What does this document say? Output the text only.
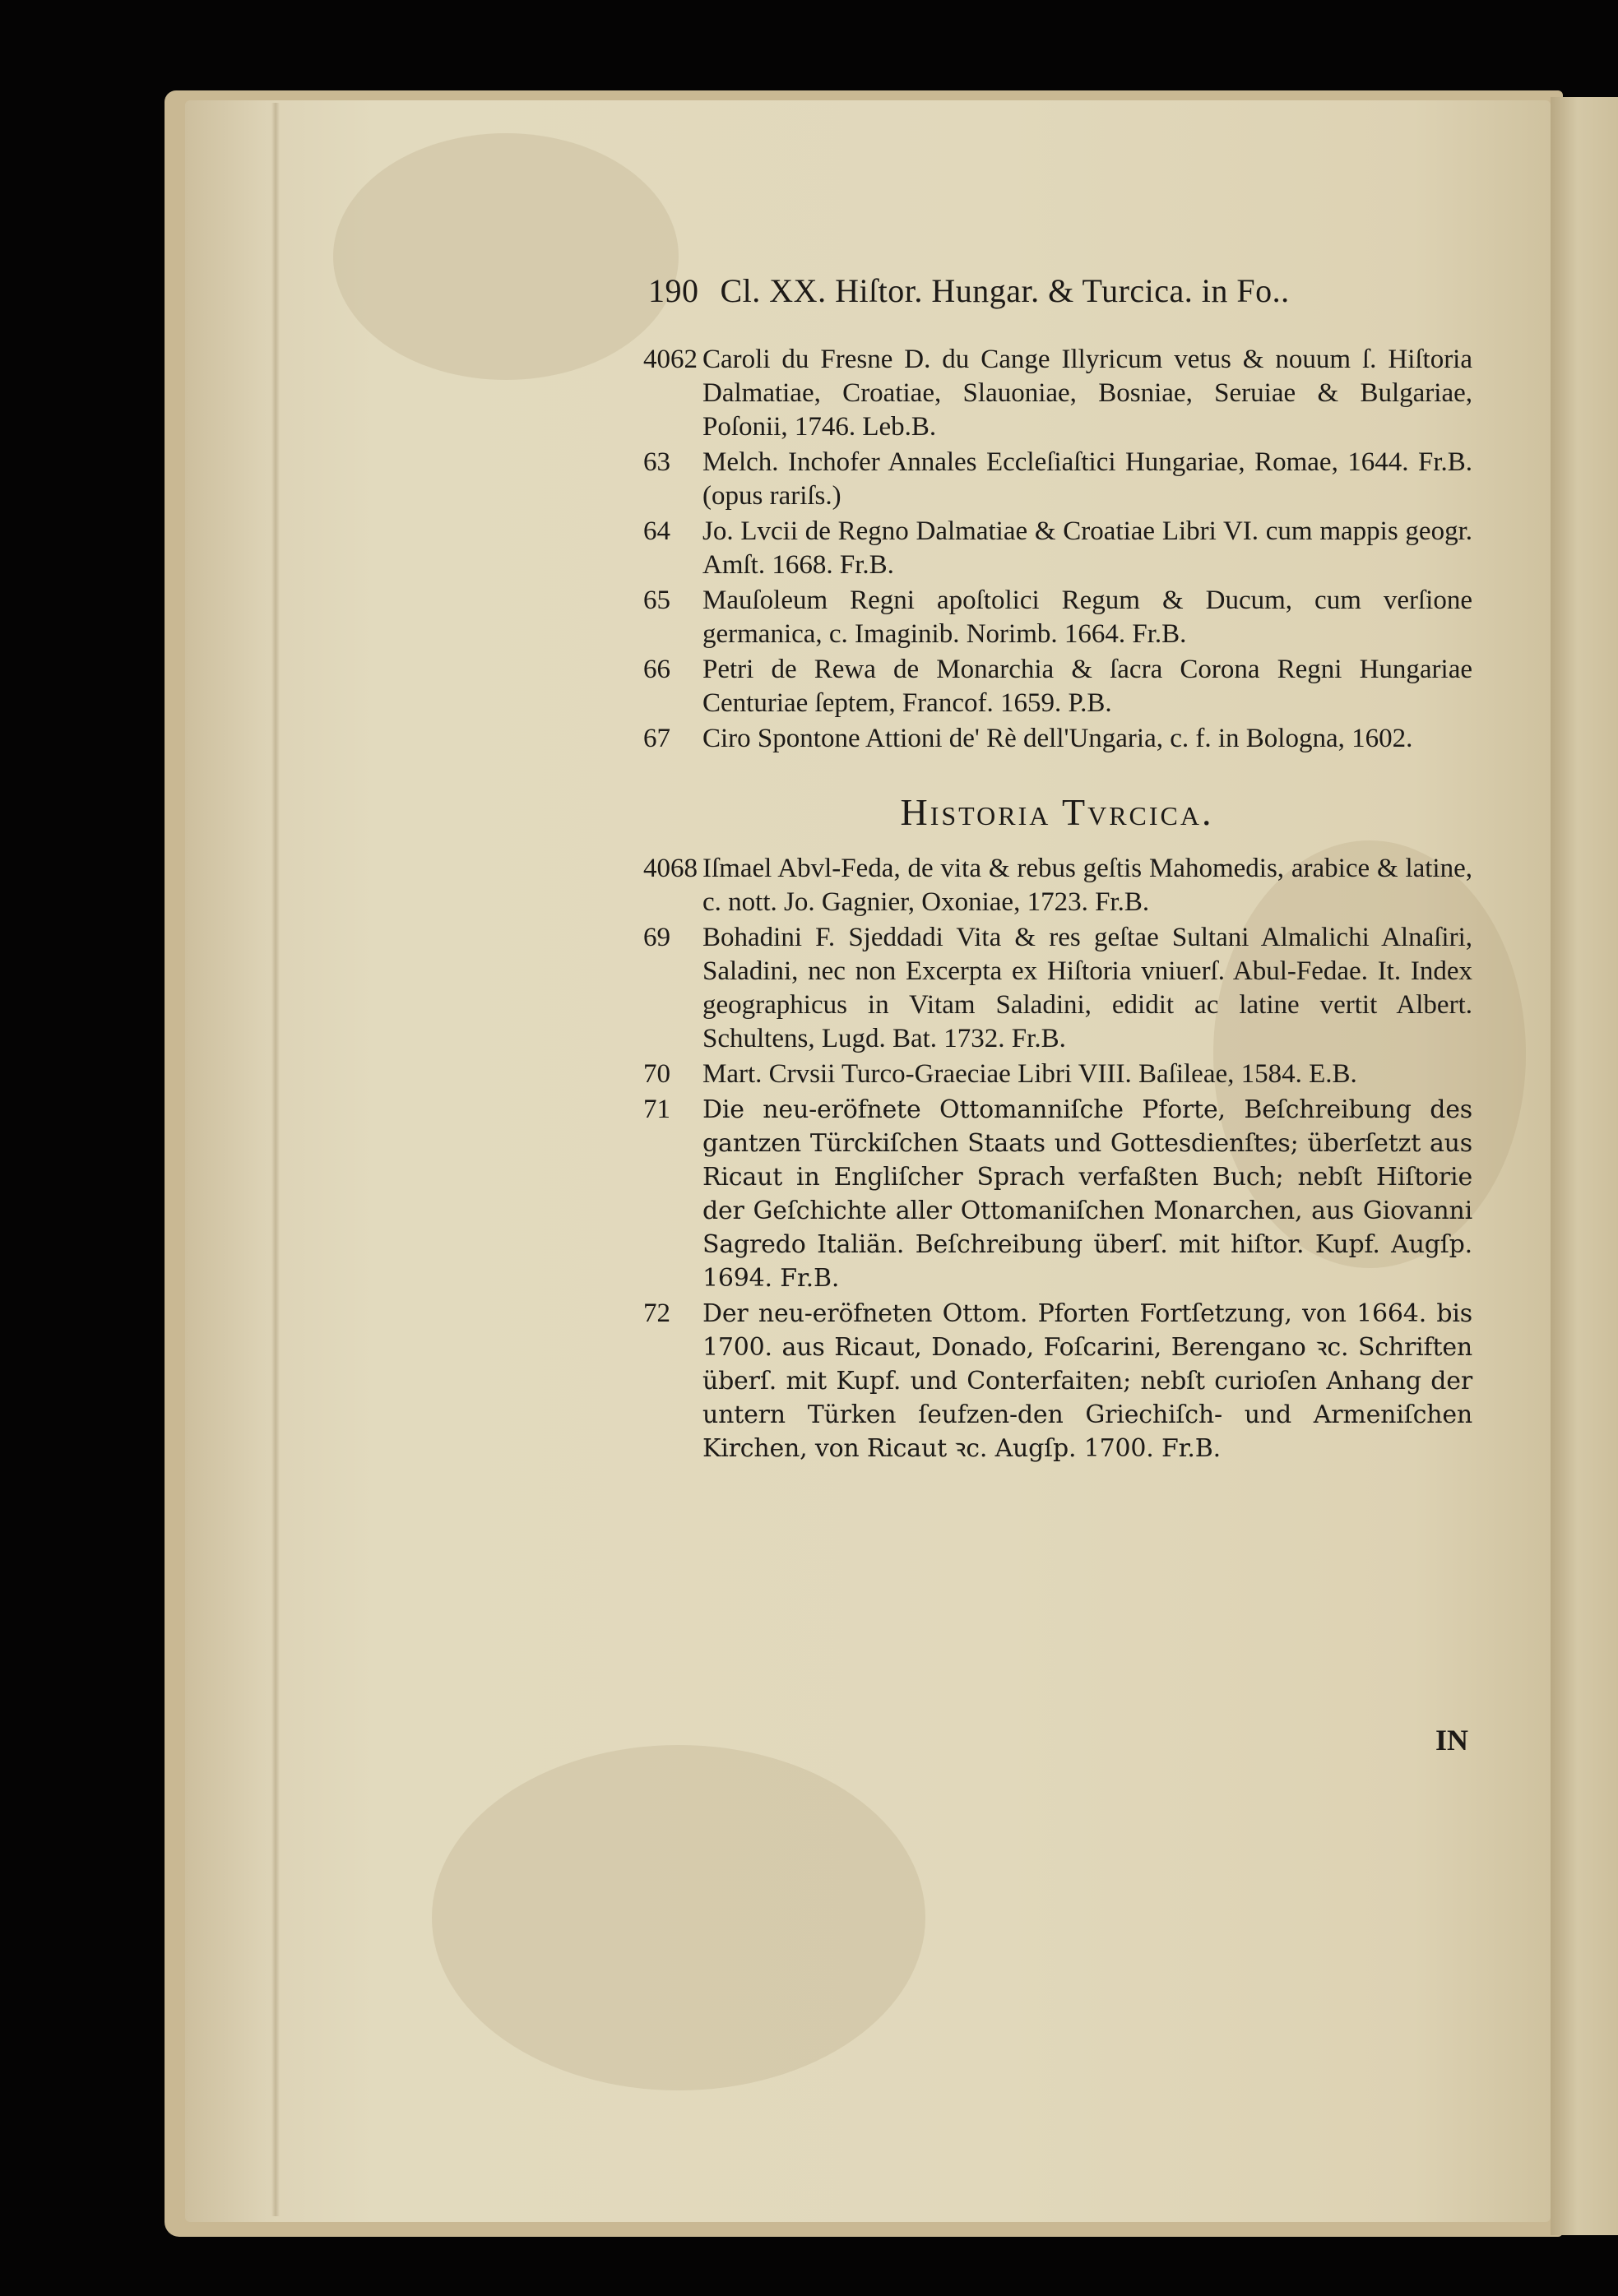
190 Cl. XX. Hiſtor. Hungar. & Turcica. in Fo..
4062 Caroli du Fresne D. du Cange Illyricum vetus & nouum ſ. Hiſtoria Dalmatiae, Croatiae, Slauoniae, Bosniae, Seruiae & Bulgariae, Poſonii, 1746. Leb.B.
63	Melch. Inchofer Annales Eccleſiaſtici Hungariae, Romae, 1644. Fr.B. (opus rariſs.)
64	Jo. Lvcii de Regno Dalmatiae & Croatiae Libri VI. cum mappis geogr. Amſt. 1668. Fr.B.
65	Mauſoleum Regni apoſtolici Regum & Ducum, cum verſione germanica, c. Imaginib. Norimb. 1664. Fr.B.
66	Petri de Rewa de Monarchia & ſacra Corona Regni Hungariae Centuriae ſeptem, Francof. 1659. P.B.
67	Ciro Spontone Attioni de' Rè dell'Ungaria, c. f. in Bologna, 1602.
Historia Tvrcica.
4068 Iſmael Abvl-Feda, de vita & rebus geſtis Mahomedis, arabice & latine, c. nott. Jo. Gagnier, Oxoniae, 1723. Fr.B.
69	Bohadini F. Sjeddadi Vita & res geſtae Sultani Almalichi Alnaſiri, Saladini, nec non Excerpta ex Hiſtoria vniuerſ. Abul-Fedae. It. Index geographicus in Vitam Saladini, edidit ac latine vertit Albert. Schultens, Lugd. Bat. 1732. Fr.B.
70	Mart. Crvsii Turco-Graeciae Libri VIII. Baſileae, 1584. E.B.
71	Die neu-eröfnete Ottomanniſche Pforte, Beſchreibung des gantzen Türckiſchen Staats und Gottesdienſtes; überſetzt aus Ricaut in Engliſcher Sprach verfaßten Buch; nebſt Hiſtorie der Geſchichte aller Ottomaniſchen Monarchen, aus Giovanni Sagredo Italiän. Beſchreibung überſ. mit hiſtor. Kupf. Augſp. 1694. Fr.B.
72	Der neu-eröfneten Ottom. Pforten Fortſetzung, von 1664. bis 1700. aus Ricaut, Donado, Foſcarini, Berengano ꝛc. Schriften überſ. mit Kupf. und Conterfaiten; nebſt curioſen Anhang der untern Türken ſeufzen-den Griechiſch- und Armeniſchen Kirchen, von Ricaut ꝛc. Augſp. 1700. Fr.B.
IN
